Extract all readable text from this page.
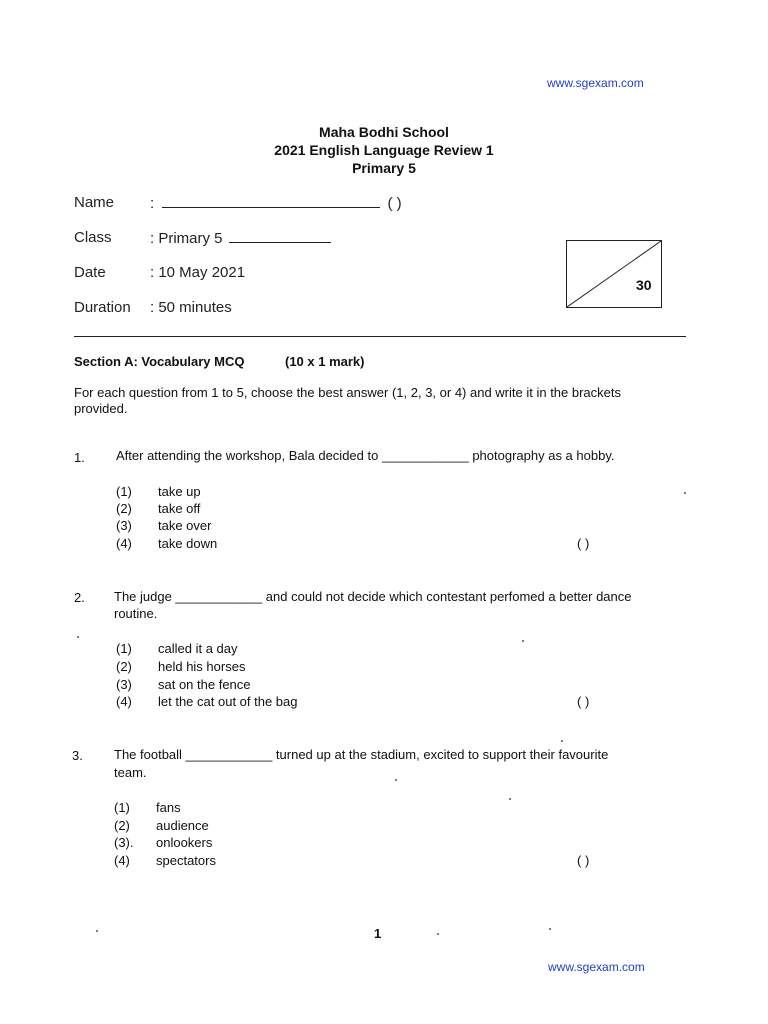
www.sgexam.com
Maha Bodhi School
2021 English Language Review 1
Primary 5
Name :	( )
Class	: Primary 5
Date	: 10 May 2021
Duration : 50 minutes
30
Section A: Vocabulary MCQ	(10 x 1 mark)
For each question from 1 to 5, choose the best answer (1, 2, 3, or 4) and write it in the brackets
provided.
1. After attending the workshop, Bala decided to ____________ photography as a hobby.
(1)	take up
(2)	take off
(3)	take over
(4)	take down	( )
2. The judge ____________ and could not decide which contestant perfomed a better dance
routine.
(1)	called it a day
(2)	held his horses
(3)	sat on the fence
(4)	let the cat out of the bag	( )
3. The football ____________ turned up at the stadium, excited to support their favourite
team.
(1)	fans
(2)	audience
(3).	onlookers
(4)	spectators	( )
1
www.sgexam.com
